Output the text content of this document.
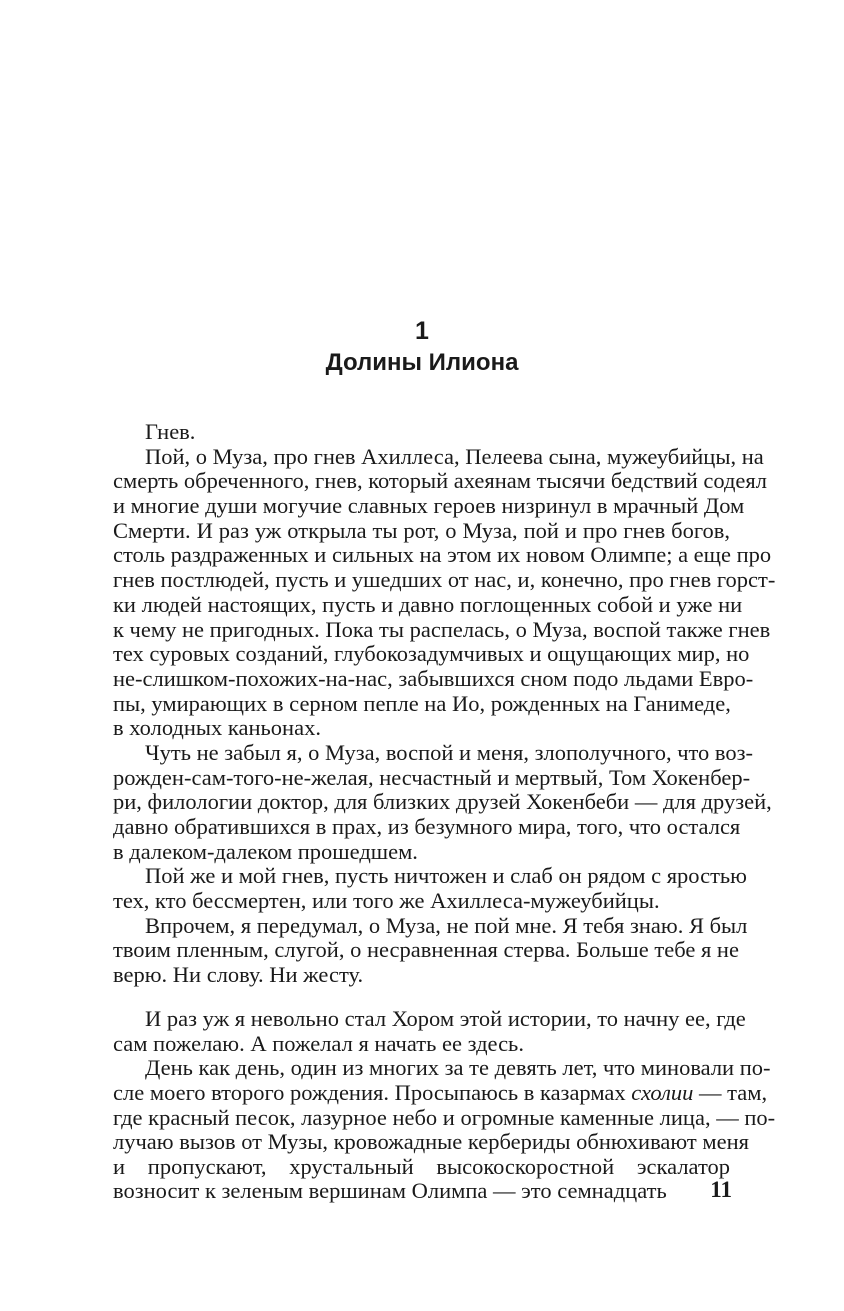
1
Долины Илиона
Гнев.
Пой, о Муза, про гнев Ахиллеса, Пелеева сына, мужеубийцы, на
смерть обреченного, гнев, который ахеянам тысячи бедствий содеял
и многие души могучие славных героев низринул в мрачный Дом
Смерти. И раз уж открыла ты рот, о Муза, пой и про гнев богов,
столь раздраженных и сильных на этом их новом Олимпе; а еще про
гнев постлюдей, пусть и ушедших от нас, и, конечно, про гнев горст-
ки людей настоящих, пусть и давно поглощенных собой и уже ни
к чему не пригодных. Пока ты распелась, о Муза, воспой также гнев
тех суровых созданий, глубокозадумчивых и ощущающих мир, но
не-слишком-похожих-на-нас, забывшихся сном подо льдами Евро-
пы, умирающих в серном пепле на Ио, рожденных на Ганимеде,
в холодных каньонах.
Чуть не забыл я, о Муза, воспой и меня, злополучного, что воз-
рожден-сам-того-не-желая, несчастный и мертвый, Том Хокенбер-
ри, филологии доктор, для близких друзей Хокенбеби — для друзей,
давно обратившихся в прах, из безумного мира, того, что остался
в далеком-далеком прошедшем.
Пой же и мой гнев, пусть ничтожен и слаб он рядом с яростью
тех, кто бессмертен, или того же Ахиллеса-мужеубийцы.
Впрочем, я передумал, о Муза, не пой мне. Я тебя знаю. Я был
твоим пленным, слугой, о несравненная стерва. Больше тебе я не
верю. Ни слову. Ни жесту.
И раз уж я невольно стал Хором этой истории, то начну ее, где
сам пожелаю. А пожелал я начать ее здесь.
День как день, один из многих за те девять лет, что миновали по-
сле моего второго рождения. Просыпаюсь в казармах схолии — там,
где красный песок, лазурное небо и огромные каменные лица, — по-
лучаю вызов от Музы, кровожадные кербериды обнюхивают меня
и пропускают, хрустальный высокоскоростной эскалатор
возносит к зеленым вершинам Олимпа — это семнадцать	11
